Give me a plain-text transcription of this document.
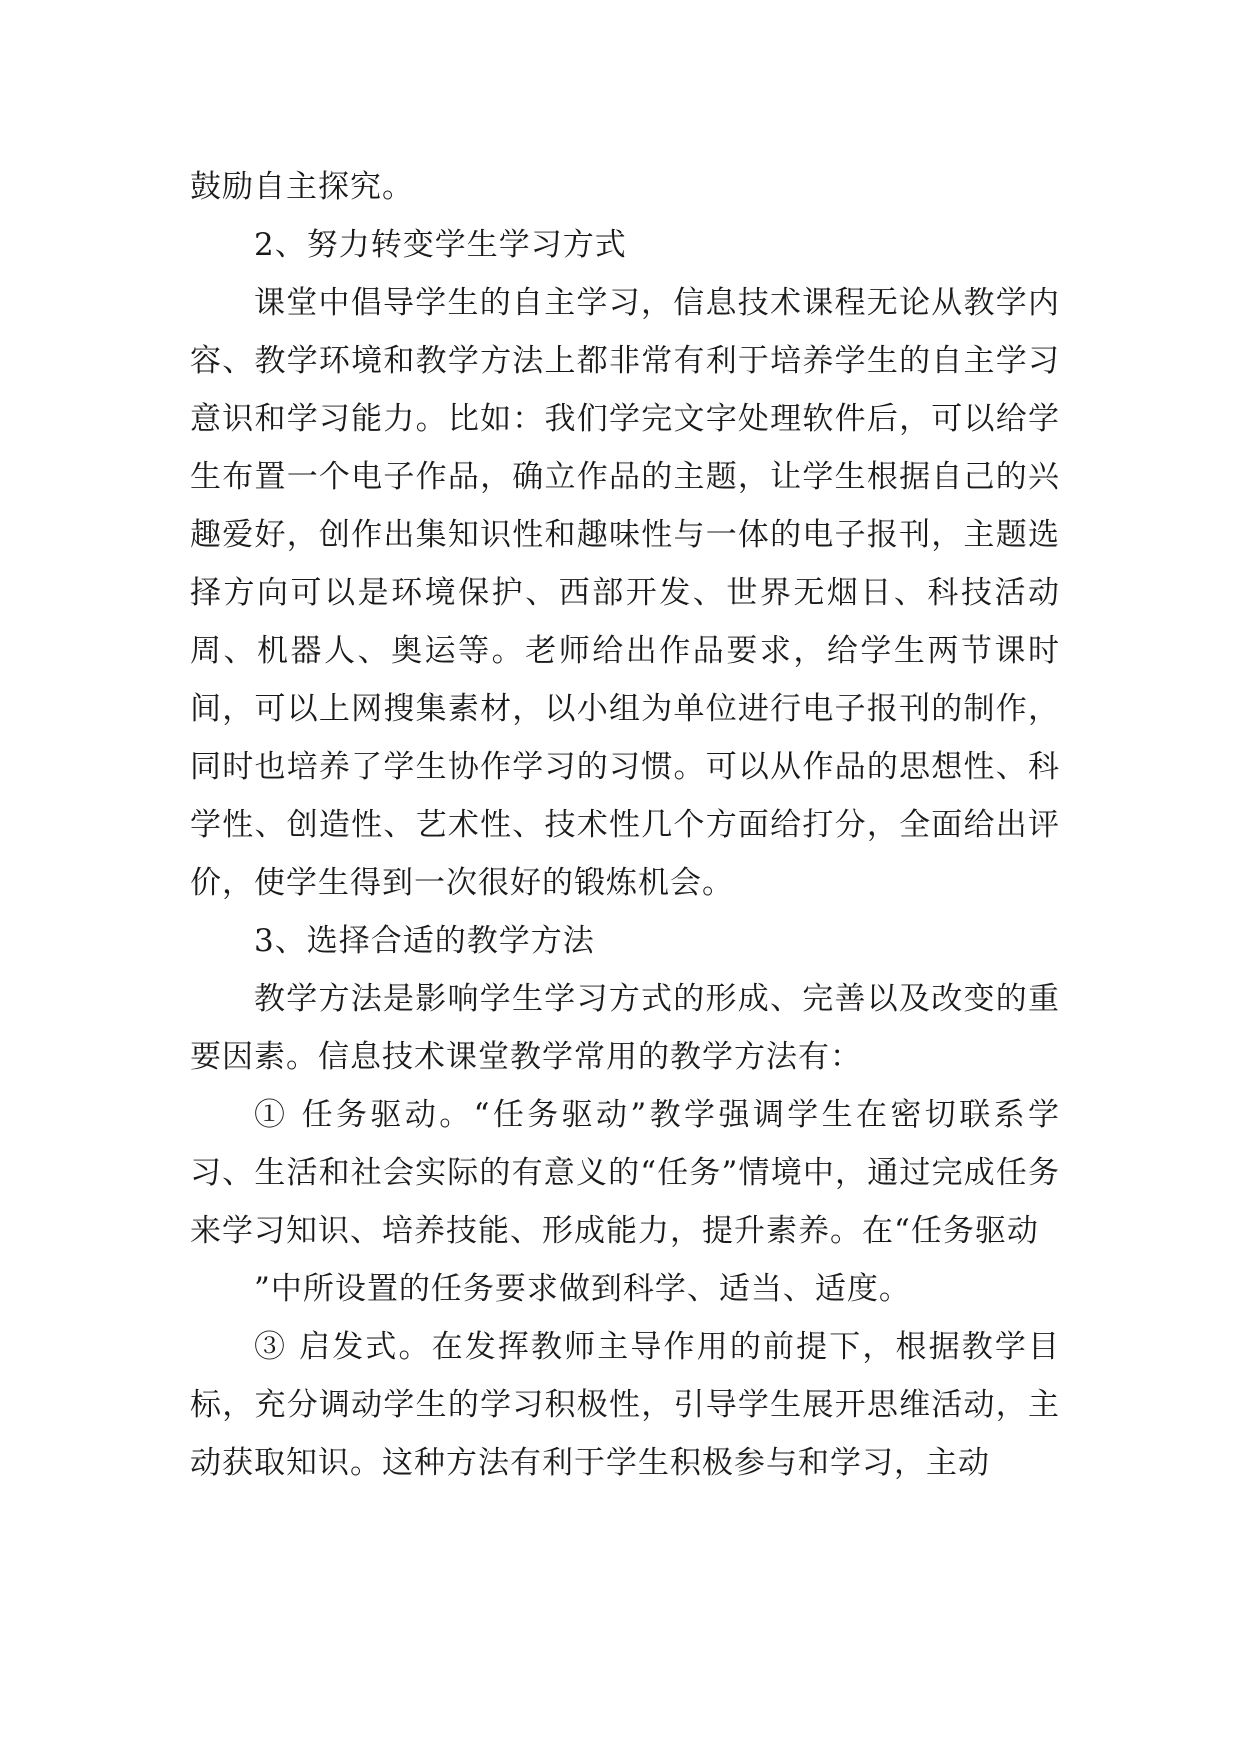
鼓励自主探究。

2、努力转变学生学习方式

课堂中倡导学生的自主学习，信息技术课程无论从教学内容、教学环境和教学方法上都非常有利于培养学生的自主学习意识和学习能力。比如：我们学完文字处理软件后，可以给学生布置一个电子作品，确立作品的主题，让学生根据自己的兴趣爱好，创作出集知识性和趣味性与一体的电子报刊，主题选择方向可以是环境保护、西部开发、世界无烟日、科技活动周、机器人、奥运等。老师给出作品要求，给学生两节课时间，可以上网搜集素材，以小组为单位进行电子报刊的制作，同时也培养了学生协作学习的习惯。可以从作品的思想性、科学性、创造性、艺术性、技术性几个方面给打分，全面给出评价，使学生得到一次很好的锻炼机会。

3、选择合适的教学方法

教学方法是影响学生学习方式的形成、完善以及改变的重要因素。信息技术课堂教学常用的教学方法有：

① 任务驱动。“任务驱动”教学强调学生在密切联系学习、生活和社会实际的有意义的“任务”情境中，通过完成任务来学习知识、培养技能、形成能力，提升素养。在“任务驱动

”中所设置的任务要求做到科学、适当、适度。

③ 启发式。在发挥教师主导作用的前提下，根据教学目标，充分调动学生的学习积极性，引导学生展开思维活动，主动获取知识。这种方法有利于学生积极参与和学习，主动
